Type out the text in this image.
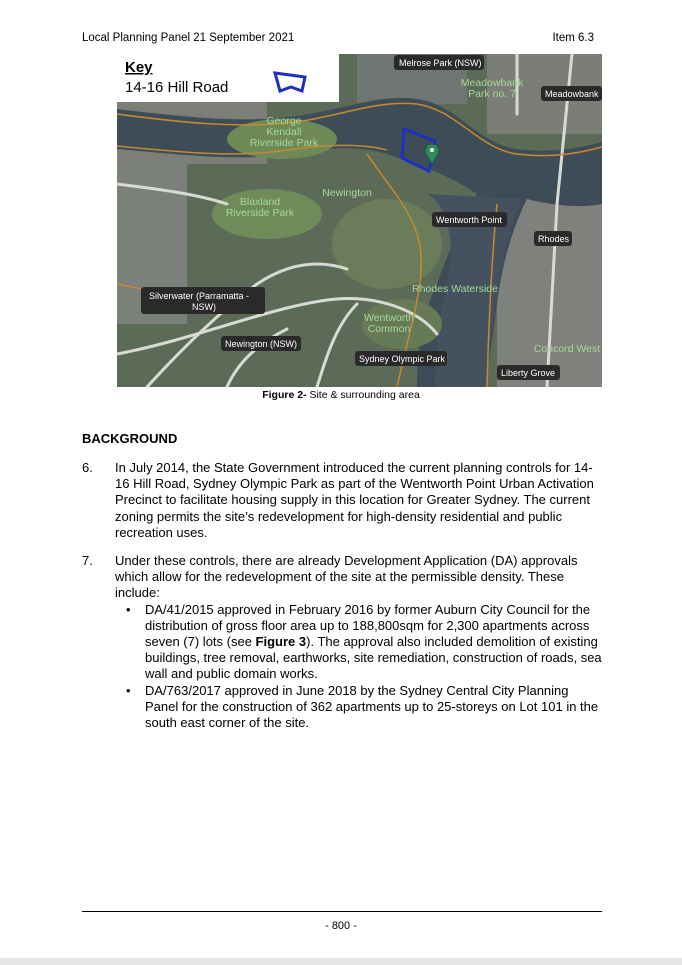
Local Planning Panel 21 September 2021	Item 6.3
Key
14-16 Hill Road
George
Kendall
Riverside Park
Newington
Blaxland
Riverside Park
Meadowbank
Park no. 7
Rhodes Waterside
Wentworth
Common
Concord West
Melrose Park (NSW)
Meadowbank
Wentworth Point
Rhodes
Silverwater (Parramatta -
NSW)
Newington (NSW)
Sydney Olympic Park
Liberty Grove
Figure 2- Site & surrounding area
BACKGROUND
6. In July 2014, the State Government introduced the current planning controls for 14-16 Hill Road, Sydney Olympic Park as part of the Wentworth Point Urban Activation Precinct to facilitate housing supply in this location for Greater Sydney. The current zoning permits the site’s redevelopment for high-density residential and public recreation uses.
7. Under these controls, there are already Development Application (DA) approvals which allow for the redevelopment of the site at the permissible density. These include:
• DA/41/2015 approved in February 2016 by former Auburn City Council for the distribution of gross floor area up to 188,800sqm for 2,300 apartments across seven (7) lots (see Figure 3). The approval also included demolition of existing buildings, tree removal, earthworks, site remediation, construction of roads, sea wall and public domain works.
• DA/763/2017 approved in June 2018 by the Sydney Central City Planning Panel for the construction of 362 apartments up to 25-storeys on Lot 101 in the south east corner of the site.
- 800 -
